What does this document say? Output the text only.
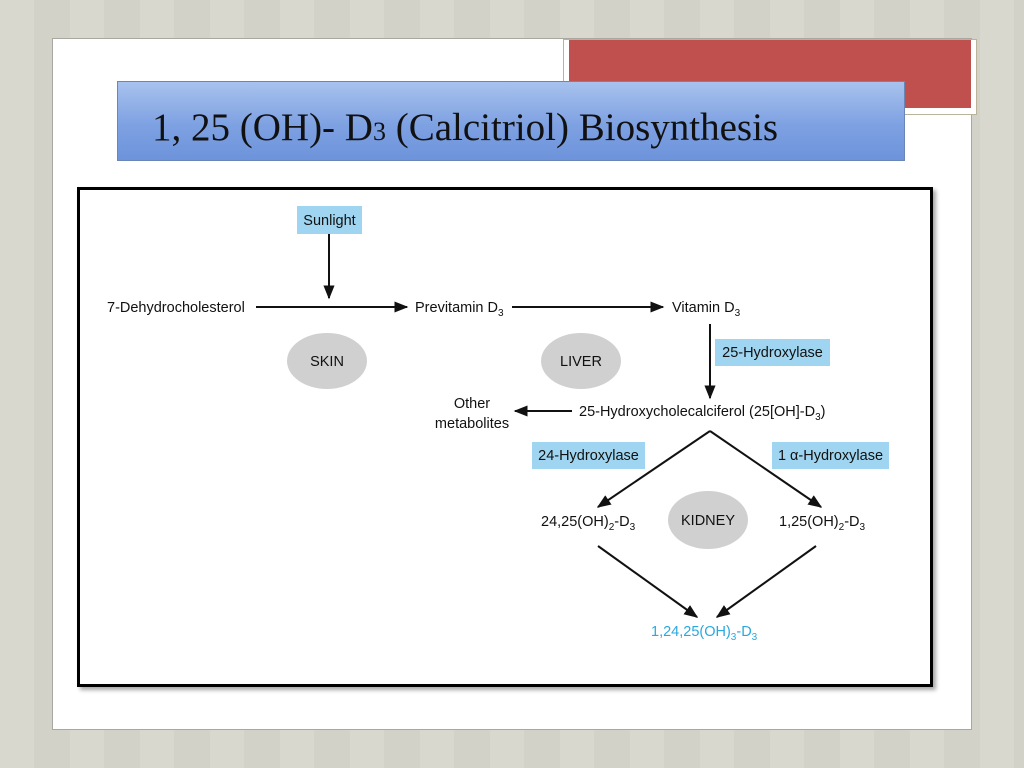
1, 25 (OH)- D3 (Calcitriol) Biosynthesis
Sunlight
7-Dehydrocholesterol	Previtamin $D_3$	Vitamin $D_3$
SKIN	LIVER
25-Hydroxylase
25-Hydroxycholecalciferol $(25[OH]-D_3)$
Other
metabolites
24-Hydroxylase	1 α-Hydroxylase
$24,25(OH)_2-D_3$	KIDNEY	$1,25(OH)_2-D_3$
$1,24,25(OH)_3-D_3$
